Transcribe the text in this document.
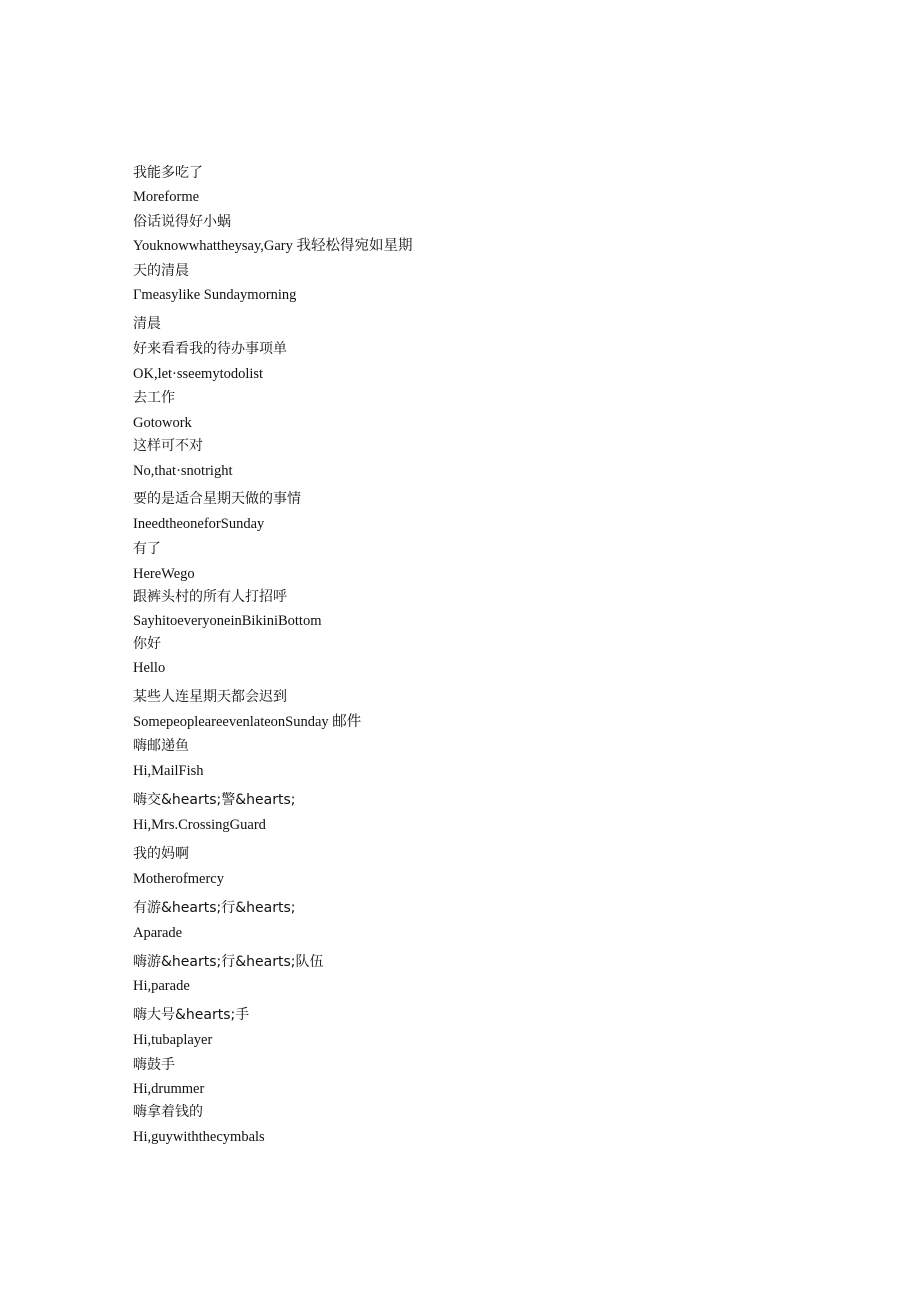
我能多吃了
Moreforme
俗话说得好小蜗
Youknowwhattheysay,Gary 我轻松得宛如星期
天的清晨
Γmeasylike Sundaymorning
清晨
好来看看我的待办事项单
OK,let·sseemytodolist
去工作
Gotowork
这样可不对
No,that·snotright
要的是适合星期天做的事情
IneedtheoneforSunday
有了
HereWego
跟裤头村的所有人打招呼
SayhitoeveryoneinBikiniBottom
你好
Hello
某些人连星期天都会迟到
SomepeopleareevenlateonSunday 邮件
嗨邮递鱼
Hi,MailFish
嗨交&hearts;警&hearts;
Hi,Mrs.CrossingGuard
我的妈啊
Motherofmercy
有游&hearts;行&hearts;
Aparade
嗨游&hearts;行&hearts;队伍
Hi,parade
嗨大号&hearts;手
Hi,tubaplayer
嗨鼓手
Hi,drummer
嗨拿着钱的
Hi,guywiththecymbals
